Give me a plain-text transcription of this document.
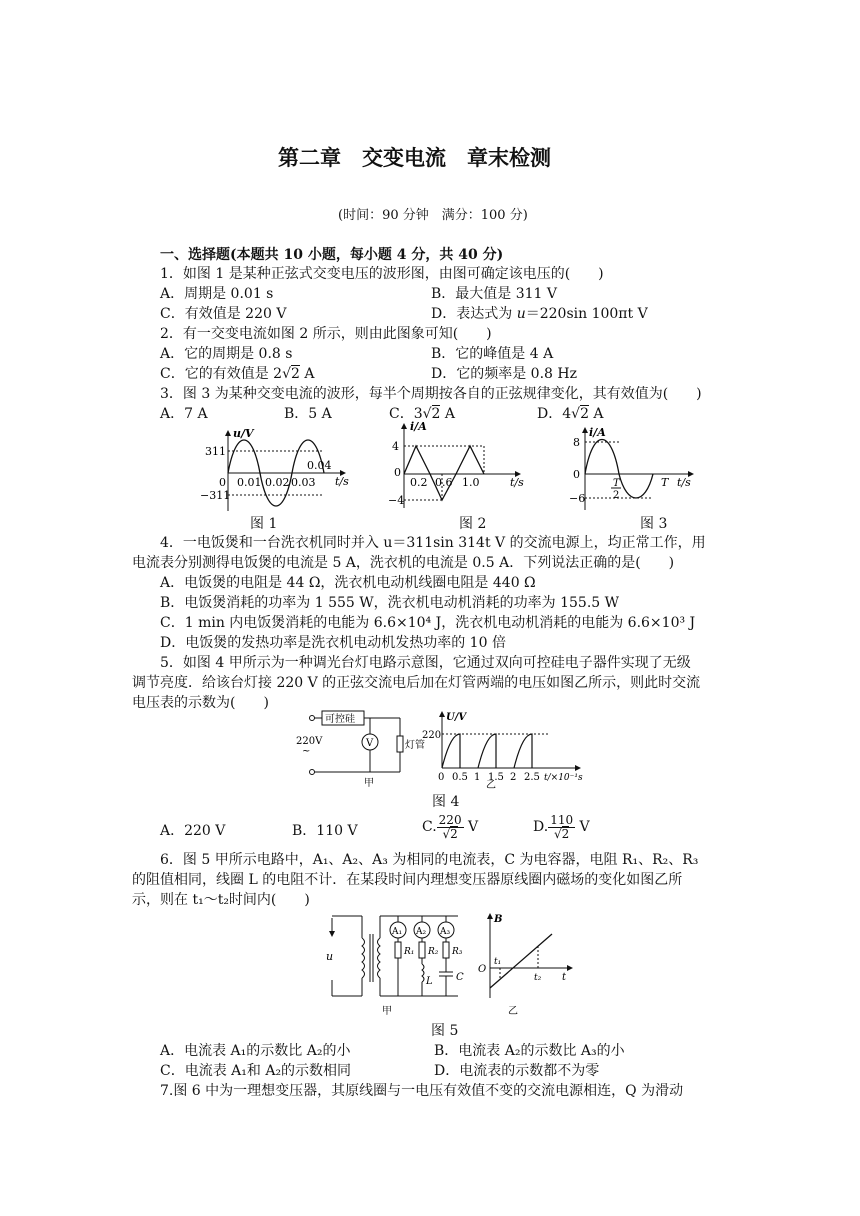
第二章　交变电流　章末检测
(时间：90 分钟　满分：100 分)
一、选择题(本题共 10 小题，每小题 4 分，共 40 分)
1．如图 1 是某种正弦式交变电压的波形图，由图可确定该电压的(　　)
A．周期是 0.01 s	B．最大值是 311 V
C．有效值是 220 V	D．表达式为 u＝220sin 100πt V
2．有一交变电流如图 2 所示，则由此图象可知(　　)
A．它的周期是 0.8 s	B．它的峰值是 4 A
C．它的有效值是 2√2 A	D．它的频率是 0.8 Hz
3．图 3 为某种交变电流的波形，每半个周期按各自的正弦规律变化，其有效值为(　　)
A．7 A	B．5 A	C．3√2 A	D．4√2 A
u/V
311
−311
0 0.01 0.02 0.03
0.04
t/s
图 1
i/A
4
−4
0
0.2 0.6 1.0	t/s
图 2
i/A
8
−6
0
T
2
T t/s
图 3
4．一电饭煲和一台洗衣机同时并入 u＝311sin 314t V 的交流电源上，均正常工作，用
电流表分别测得电饭煲的电流是 5 A，洗衣机的电流是 0.5 A．下列说法正确的是(　　)
A．电饭煲的电阻是 44 Ω，洗衣机电动机线圈电阻是 440 Ω
B．电饭煲消耗的功率为 1 555 W，洗衣机电动机消耗的功率为 155.5 W
C．1 min 内电饭煲消耗的电能为 6.6×10⁴ J，洗衣机电动机消耗的电能为 6.6×10³ J
D．电饭煲的发热功率是洗衣机电动机发热功率的 10 倍
5．如图 4 甲所示为一种调光台灯电路示意图，它通过双向可控硅电子器件实现了无级
调节亮度．给该台灯接 220 V 的正弦交流电后加在灯管两端的电压如图乙所示，则此时交流
电压表的示数为(　　)
可控硅
V	灯管
220V
~
甲
U/V
220
0 0.5 1 1.5 2 2.5 t/×10⁻¹s
乙
图 4
A．220 V	B．110 V	C. $\frac{220}{√2}$ V	D. $\frac{110}{√2}$ V
6．图 5 甲所示电路中，A₁、A₂、A₃ 为相同的电流表，C 为电容器，电阻 R₁、R₂、R₃
的阻值相同，线圈 L 的电阻不计．在某段时间内理想变压器原线圈内磁场的变化如图乙所
示，则在 t₁～t₂时间内(　　)
u
A₁
R₁
A₂
R₂
L
A₃
R₃
C
甲
B
O
t₁
t₂ t
乙
图 5
A．电流表 A₁的示数比 A₂的小	B．电流表 A₂的示数比 A₃的小
C．电流表 A₁和 A₂的示数相同	D．电流表的示数都不为零
7.图 6 中为一理想变压器，其原线圈与一电压有效值不变的交流电源相连，Q 为滑动
